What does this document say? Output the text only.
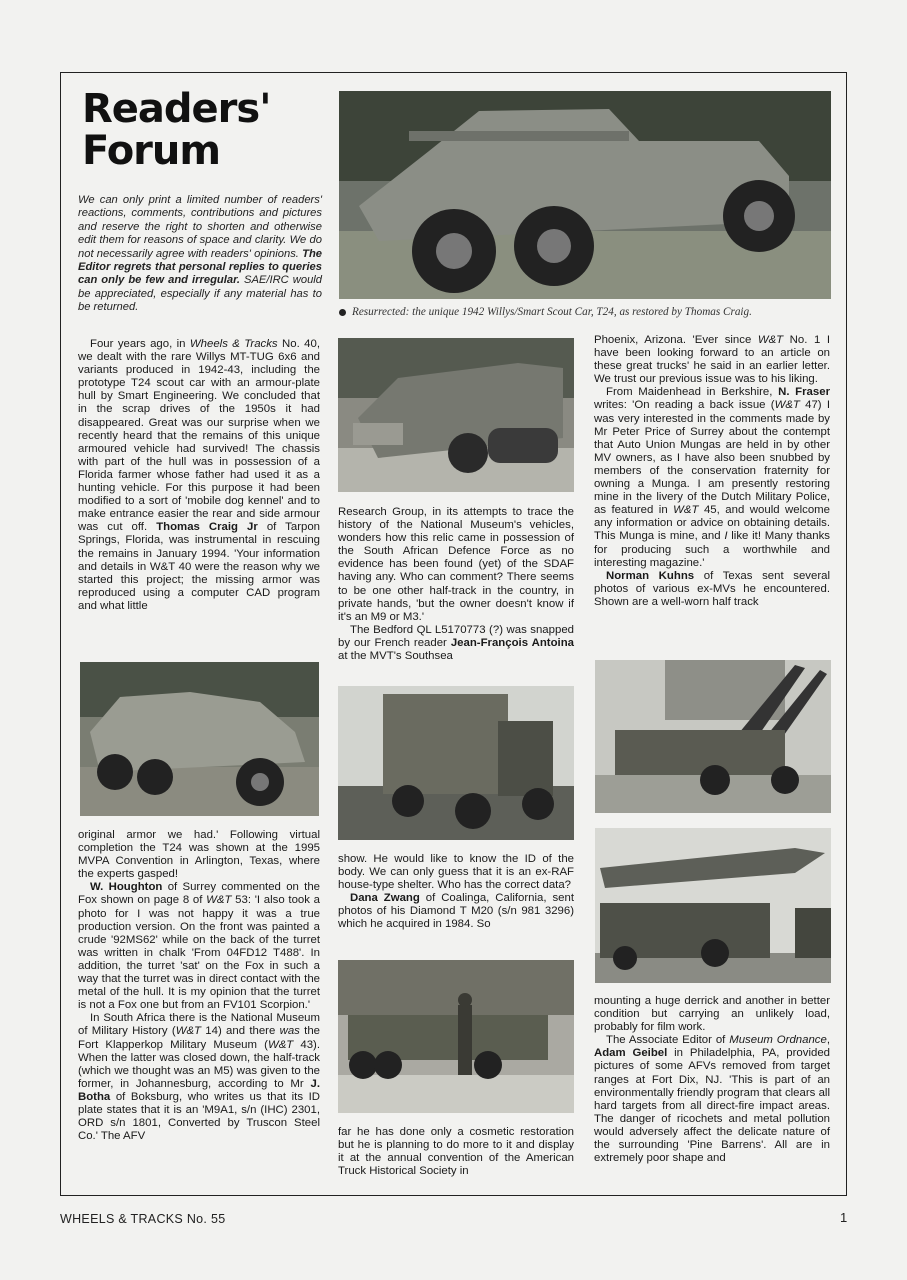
Readers'
Forum
We can only print a limited number of readers' reactions, comments, contributions and pictures and reserve the right to shorten and otherwise edit them for reasons of space and clarity. We do not necessarily agree with readers' opinions. The Editor regrets that personal replies to queries can only be few and irregular. SAE/IRC would be appreciated, especially if any material has to be returned.	Resurrected: the unique 1942 Willys/Smart Scout Car, T24, as restored by Thomas Craig.

Four years ago, in Wheels & Tracks No. 40, we dealt with the rare Willys MT-TUG 6x6 and variants produced in 1942-43, including the prototype T24 scout car with an armour-plate hull by Smart Engineering. We concluded that in the scrap drives of the 1950s it had disappeared. Great was our surprise when we recently heard that the remains of this unique armoured vehicle had survived! The chassis with part of the hull was in possession of a Florida farmer whose father had used it as a hunting vehicle. For this purpose it had been modified to a sort of 'mobile dog kennel' and to make entrance easier the rear and side armour was cut off. Thomas Craig Jr of Tarpon Springs, Florida, was instrumental in rescuing the remains in January 1994. 'Your information and details in W&T 40 were the reason why we started this project; the missing armor was reproduced using a computer CAD program and what little

original armor we had.' Following virtual completion the T24 was shown at the 1995 MVPA Convention in Arlington, Texas, where the experts gasped!

W. Houghton of Surrey commented on the Fox shown on page 8 of W&T 53: 'I also took a photo for I was not happy it was a true production version. On the front was painted a crude '92MS62' while on the back of the turret was written in chalk 'From 04FD12 T488'. In addition, the turret 'sat' on the Fox in such a way that the turret was in direct contact with the metal of the hull. It is my opinion that the turret is not a Fox one but from an FV101 Scorpion.'

In South Africa there is the National Museum of Military History (W&T 14) and there was the Fort Klapperkop Military Museum (W&T 43). When the latter was closed down, the half-track (which we thought was an M5) was given to the former, in Johannesburg, according to Mr J. Botha of Boksburg, who writes us that its ID plate states that it is an 'M9A1, s/n (IHC) 2301, ORD s/n 1801, Converted by Truscon Steel Co.' The AFV

Research Group, in its attempts to trace the history of the National Museum's vehicles, wonders how this relic came in possession of the South African Defence Force as no evidence has been found (yet) of the SDAF having any. Who can comment? There seems to be one other half-track in the country, in private hands, 'but the owner doesn't know if it's an M9 or M3.'

The Bedford QL L5170773 (?) was snapped by our French reader Jean-François Antoina at the MVT's Southsea

show. He would like to know the ID of the body. We can only guess that it is an ex-RAF house-type shelter. Who has the correct data?

Dana Zwang of Coalinga, California, sent photos of his Diamond T M20 (s/n 981 3296) which he acquired in 1984. So

far he has done only a cosmetic restoration but he is planning to do more to it and display it at the annual convention of the American Truck Historical Society in

Phoenix, Arizona. 'Ever since W&T No. 1 I have been looking forward to an article on these great trucks' he said in an earlier letter. We trust our previous issue was to his liking.

From Maidenhead in Berkshire, N. Fraser writes: 'On reading a back issue (W&T 47) I was very interested in the comments made by Mr Peter Price of Surrey about the contempt that Auto Union Mungas are held in by other MV owners, as I have also been snubbed by members of the conservation fraternity for owning a Munga. I am presently restoring mine in the livery of the Dutch Military Police, as featured in W&T 45, and would welcome any information or advice on obtaining details. This Munga is mine, and I like it! Many thanks for producing such a worthwhile and interesting magazine.'

Norman Kuhns of Texas sent several photos of various ex-MVs he encountered. Shown are a well-worn half track

mounting a huge derrick and another in better condition but carrying an unlikely load, probably for film work.

The Associate Editor of Museum Ordnance, Adam Geibel in Philadelphia, PA, provided pictures of some AFVs removed from target ranges at Fort Dix, NJ. 'This is part of an environmentally friendly program that clears all hard targets from all direct-fire impact areas. The danger of ricochets and metal pollution would adversely affect the delicate nature of the surrounding 'Pine Barrens'. All are in extremely poor shape and

WHEELS & TRACKS No. 55	1
